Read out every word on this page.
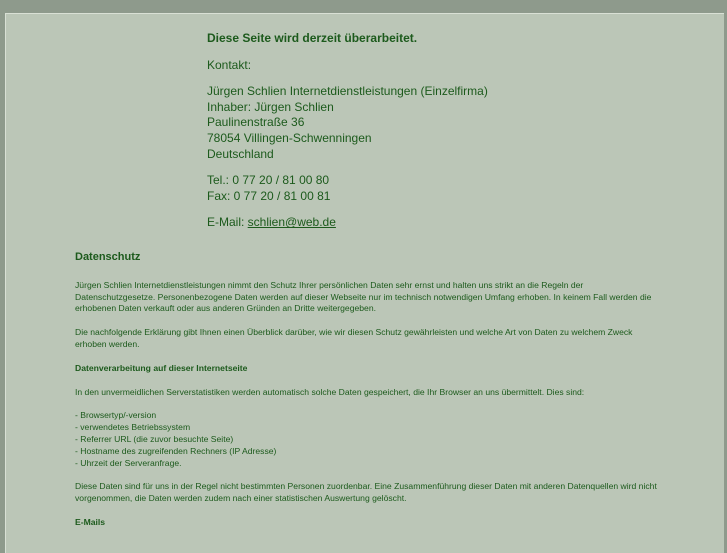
Diese Seite wird derzeit überarbeitet.
Kontakt:
Jürgen Schlien Internetdienstleistungen (Einzelfirma)
Inhaber: Jürgen Schlien
Paulinenstraße 36
78054 Villingen-Schwenningen
Deutschland
Tel.: 0 77 20 / 81 00 80
Fax: 0 77 20 / 81 00 81
E-Mail: schlien@web.de
Datenschutz

Jürgen Schlien Internetdienstleistungen nimmt den Schutz Ihrer persönlichen Daten sehr ernst und halten uns strikt an die Regeln der Datenschutzgesetze. Personenbezogene Daten werden auf dieser Webseite nur im technisch notwendigen Umfang erhoben. In keinem Fall werden die erhobenen Daten verkauft oder aus anderen Gründen an Dritte weitergegeben.

Die nachfolgende Erklärung gibt Ihnen einen Überblick darüber, wie wir diesen Schutz gewährleisten und welche Art von Daten zu welchem Zweck erhoben werden.

Datenverarbeitung auf dieser Internetseite

In den unvermeidlichen Serverstatistiken werden automatisch solche Daten gespeichert, die Ihr Browser an uns übermittelt. Dies sind:

- Browsertyp/-version
- verwendetes Betriebssystem
- Referrer URL (die zuvor besuchte Seite)
- Hostname des zugreifenden Rechners (IP Adresse)
- Uhrzeit der Serveranfrage.

Diese Daten sind für uns in der Regel nicht bestimmten Personen zuordenbar. Eine Zusammenführung dieser Daten mit anderen Datenquellen wird nicht vorgenommen, die Daten werden zudem nach einer statistischen Auswertung gelöscht.

E-Mails
